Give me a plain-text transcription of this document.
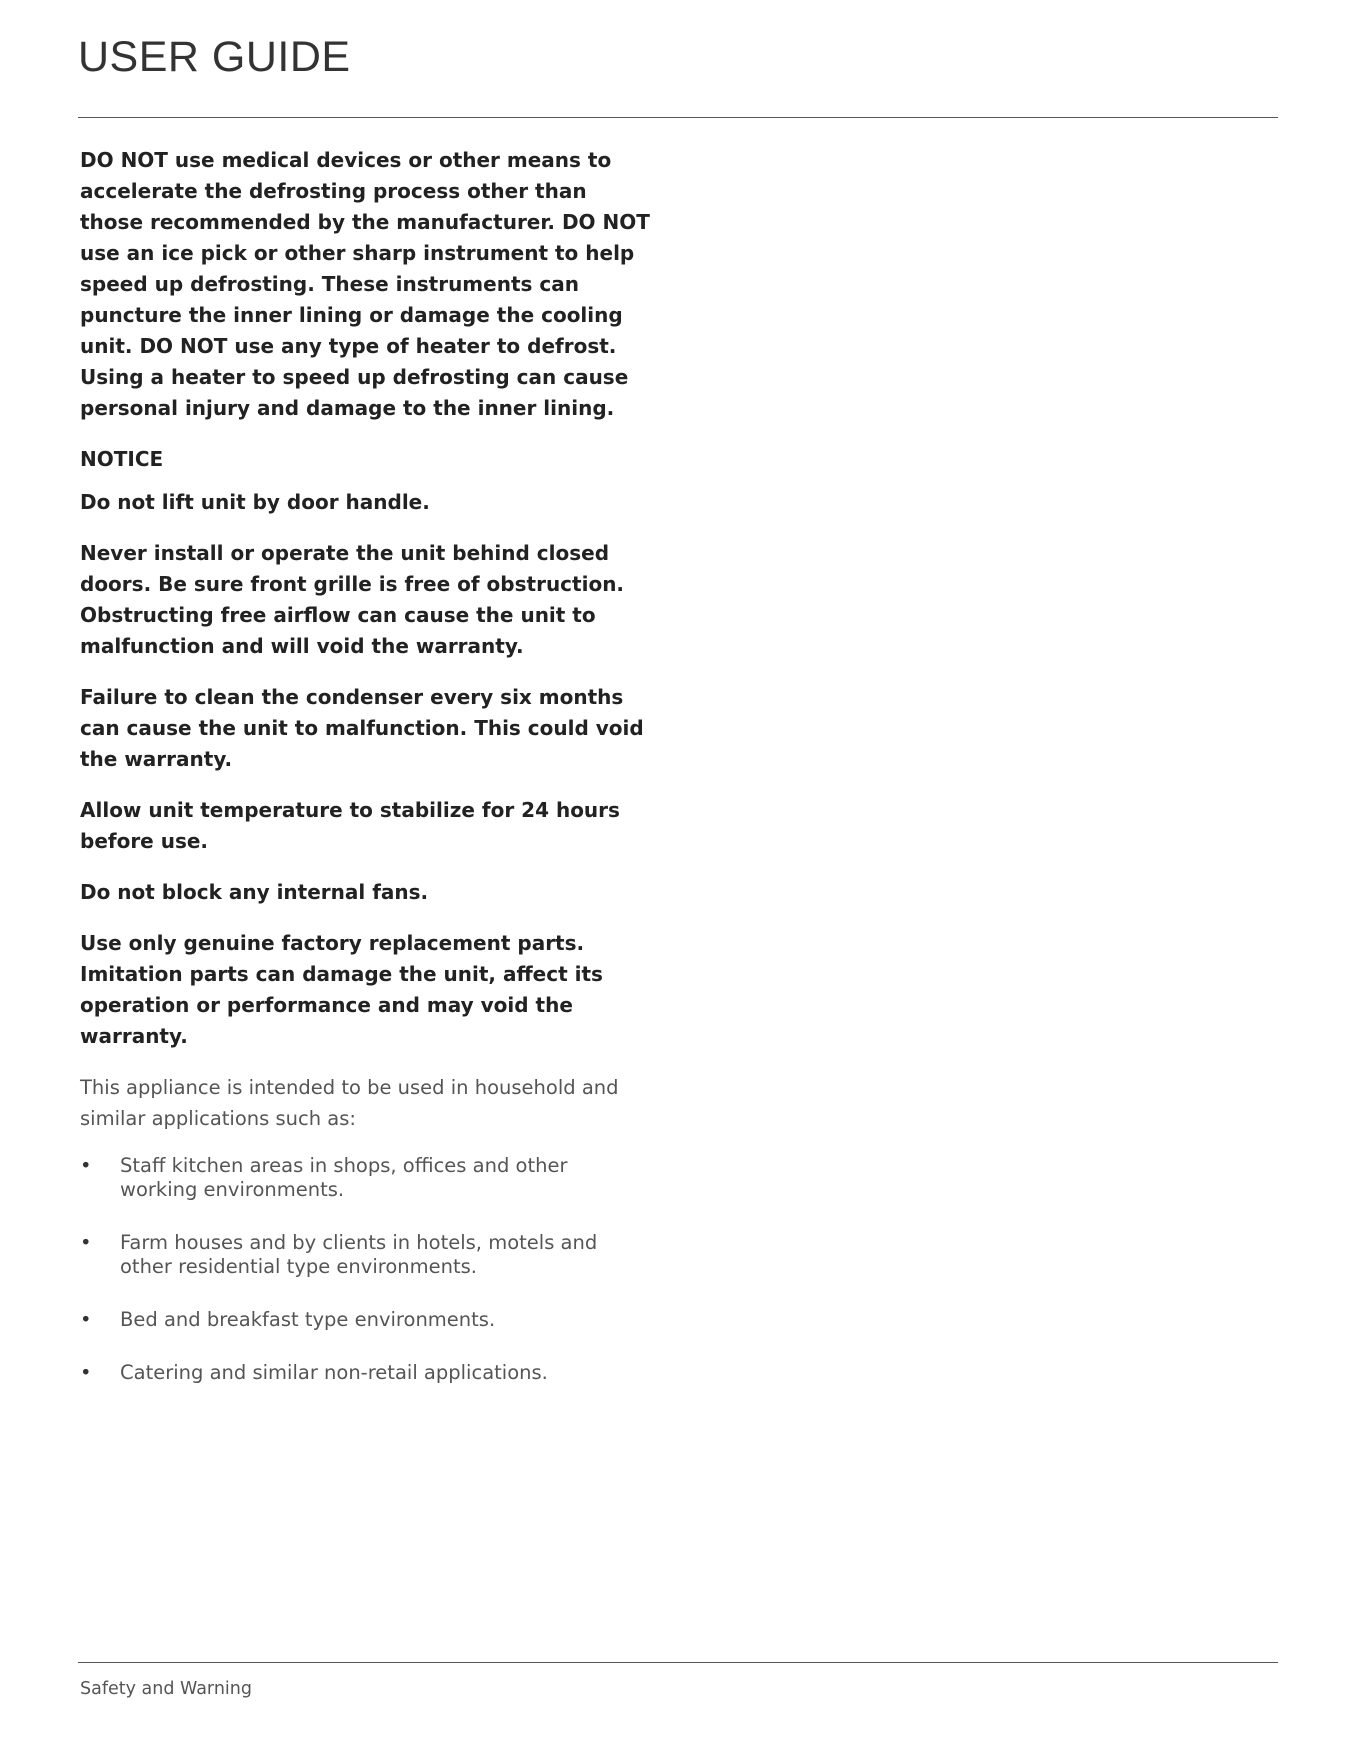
USER GUIDE

DO NOT use medical devices or other means to accelerate the defrosting process other than those recommended by the manufacturer. DO NOT use an ice pick or other sharp instrument to help speed up defrosting. These instruments can puncture the inner lining or damage the cooling unit. DO NOT use any type of heater to defrost. Using a heater to speed up defrosting can cause personal injury and damage to the inner lining.

NOTICE

Do not lift unit by door handle.

Never install or operate the unit behind closed doors. Be sure front grille is free of obstruction. Obstructing free airflow can cause the unit to malfunction and will void the warranty.

Failure to clean the condenser every six months can cause the unit to malfunction. This could void the warranty.

Allow unit temperature to stabilize for 24 hours before use.

Do not block any internal fans.

Use only genuine factory replacement parts. Imitation parts can damage the unit, affect its operation or performance and may void the warranty.

This appliance is intended to be used in household and similar applications such as:

• Staff kitchen areas in shops, offices and other working environments.
• Farm houses and by clients in hotels, motels and other residential type environments.
• Bed and breakfast type environments.
• Catering and similar non-retail applications.
Safety and Warning
